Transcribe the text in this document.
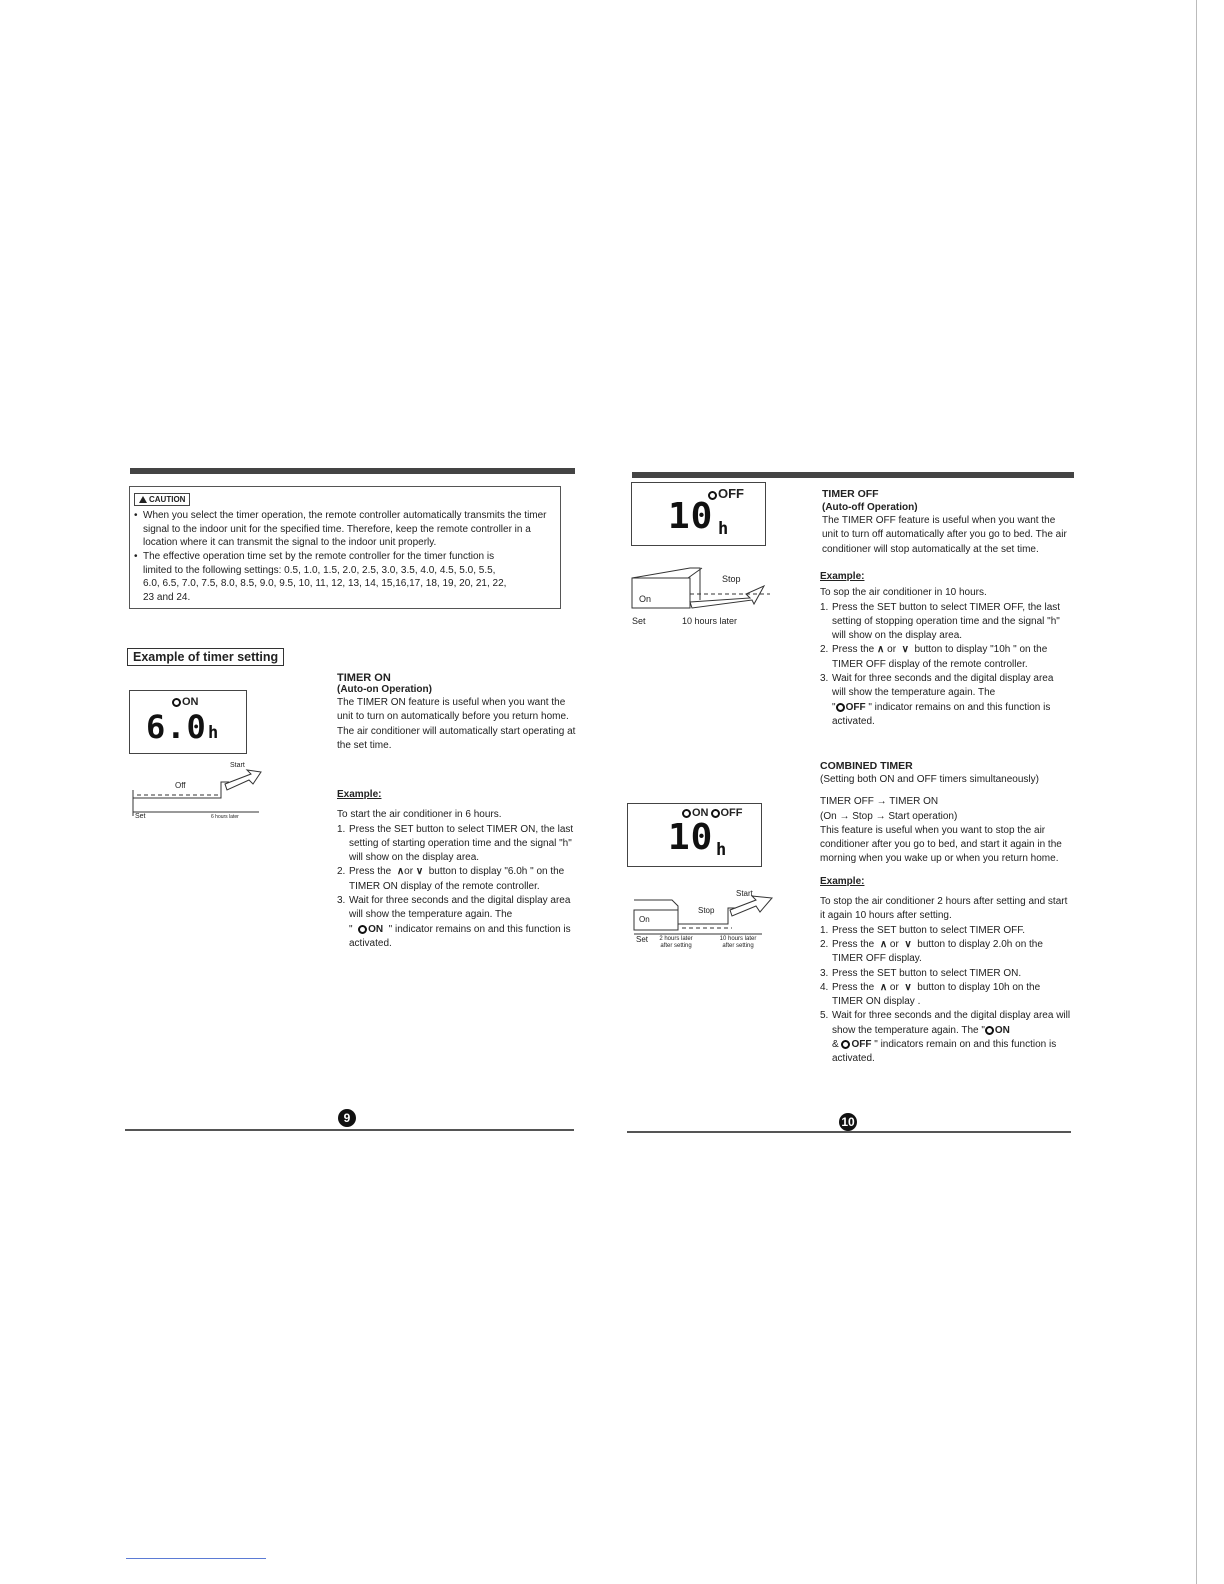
CAUTION
• When you select the timer operation, the remote controller automatically transmits the timer signal to the indoor unit for the specified time. Therefore, keep the remote controller in a location where it can transmit the signal to the indoor unit properly.
• The effective operation time set by the remote controller for the timer function is limited to the following settings: 0.5, 1.0, 1.5, 2.0, 2.5, 3.0, 3.5, 4.0, 4.5, 5.0, 5.5, 6.0, 6.5, 7.0, 7.5, 8.0, 8.5, 9.0, 9.5, 10, 11, 12, 13, 14, 15,16,17, 18, 19, 20, 21, 22, 23 and 24.
Example of timer setting
ON
6.0 h
Start
Off
Set	6 hours later
TIMER ON
(Auto-on Operation)
The TIMER ON feature is useful when you want the unit to turn on automatically before you return home. The air conditioner will automatically start operating at the set time.
Example:
To start the air conditioner in 6 hours.
1. Press the SET button to select TIMER ON, the last setting of starting operation time and the signal "h" will show on the display area.
2. Press the ∧or ∨ button to display "6.0h " on the TIMER ON display of the remote controller.
3. Wait for three seconds and the digital display area will show the temperature again. The
"  ON " indicator remains on and this function is activated.
9
OFF
10 h
Stop
On
Set	10 hours later
TIMER OFF
(Auto-off Operation)
The TIMER OFF feature is useful when you want the unit to turn off automatically after you go to bed. The air conditioner will stop automatically at the set time.
Example:
To sop the air conditioner in 10 hours.
1. Press the SET button to select TIMER OFF, the last setting of stopping operation time and the signal "h" will show on the display area.
2. Press the ∧ or ∨ button to display "10h " on the TIMER OFF display of the remote controller.
3. Wait for three seconds and the digital display area will show the temperature again. The
" OFF " indicator remains on and this function is activated.
COMBINED TIMER
(Setting both ON and OFF timers simultaneously)
TIMER OFF → TIMER ON
(On → Stop → Start operation)
This feature is useful when you want to stop the air conditioner after you go to bed, and start it again in the morning when you wake up or when you return home.
Example:
To stop the air conditioner 2 hours after setting and start it again 10 hours after setting.
1. Press the SET button to select TIMER OFF.
2. Press the ∧ or ∨ button to display 2.0h on the TIMER OFF display.
3. Press the SET button to select TIMER ON.
4. Press the ∧ or ∨ button to display 10h on the TIMER ON display .
5. Wait for three seconds and the digital display area will show the temperature again. The " ON
& OFF " indicators remain on and this function is activated.
ON OFF
10 h
Start
Stop
On
Set 2 hours later after setting
10 hours later after setting
10
